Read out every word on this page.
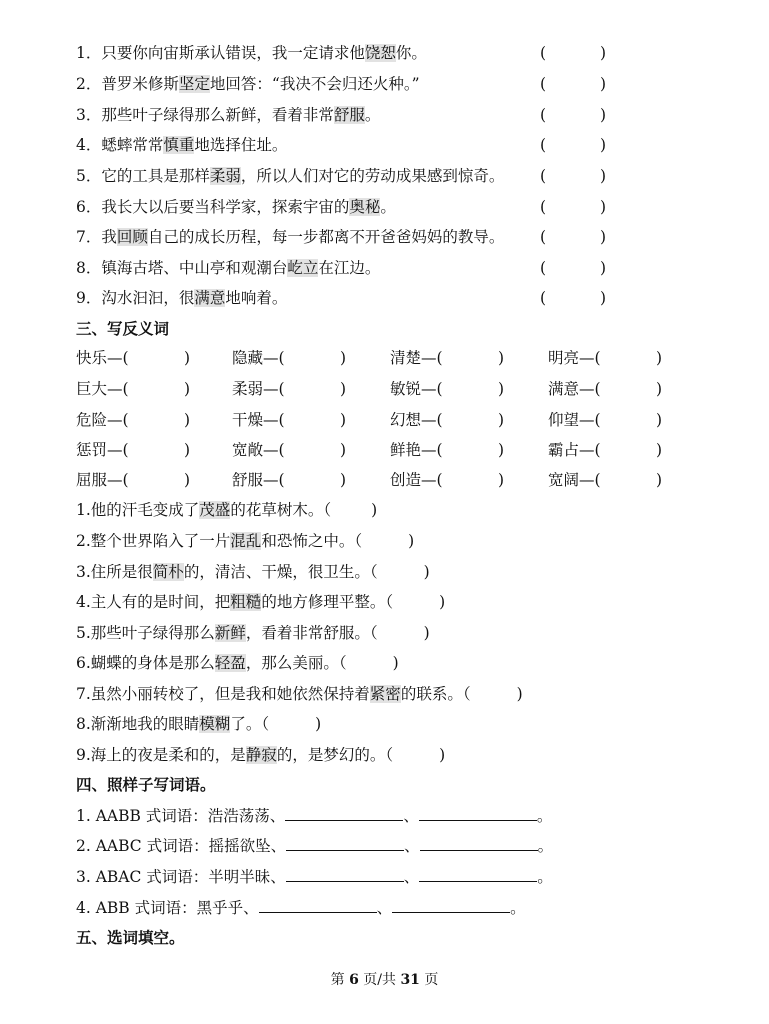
1．只要你向宙斯承认错误，我一定请求他饶恕你。	(	)
2．普罗米修斯坚定地回答：“我决不会归还火种。”	(	)
3．那些叶子绿得那么新鲜，看着非常舒服。	(	)
4．蟋蟀常常慎重地选择住址。	(	)
5．它的工具是那样柔弱，所以人们对它的劳动成果感到惊奇。 (	)
6．我长大以后要当科学家，探索宇宙的奥秘。	(	)
7．我回顾自己的成长历程，每一步都离不开爸爸妈妈的教导。 (	)
8．镇海古塔、中山亭和观潮台屹立在江边。	(	)
9．沟水汩汩，很满意地响着。	(	)
三、写反义词
快乐—(	)	隐藏—(	)	清楚—(	)	明亮—(	)
巨大—(	)	柔弱—(	)	敏锐—(	)	满意—(	)
危险—(	)	干燥—(	)	幻想—(	)	仰望—(	)
惩罚—(	)	宽敞—(	)	鲜艳—(	)	霸占—(	)
屈服—(	)	舒服—(	)	创造—(	)	宽阔—(	)
1.他的汗毛变成了茂盛的花草树木。（	)
2.整个世界陷入了一片混乱和恐怖之中。（	)
3.住所是很简朴的，清洁、干燥，很卫生。（	)
4.主人有的是时间，把粗糙的地方修理平整。（	)
5.那些叶子绿得那么新鲜，看着非常舒服。（	)
6.蝴蝶的身体是那么轻盈，那么美丽。（	)
7.虽然小丽转校了，但是我和她依然保持着紧密的联系。（	)
8.渐渐地我的眼睛模糊了。（	)
9.海上的夜是柔和的，是静寂的，是梦幻的。（	)
四、照样子写词语。
1. AABB 式词语：浩浩荡荡、	、	。
2. AABC 式词语：摇摇欲坠、	、	。
3. ABAC 式词语：半明半昧、	、	。
4. ABB 式词语：黑乎乎、	、	。
五、选词填空。
第 6 页/共 31 页
